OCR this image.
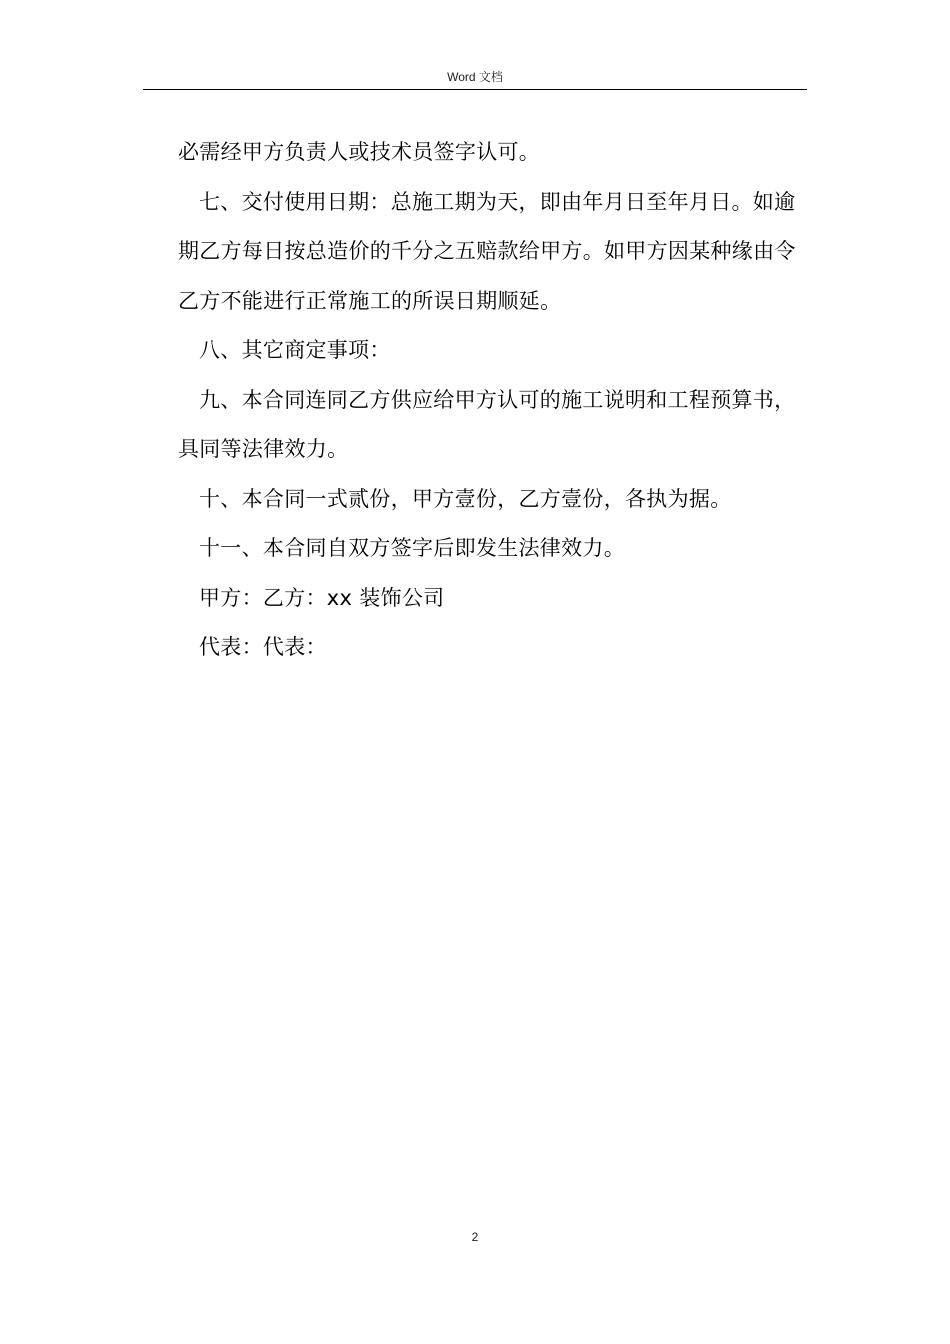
Word 文档

必需经甲方负责人或技术员签字认可。

七、交付使用日期：总施工期为天，即由年月日至年月日。如逾期乙方每日按总造价的千分之五赔款给甲方。如甲方因某种缘由令乙方不能进行正常施工的所误日期顺延。

八、其它商定事项：

九、本合同连同乙方供应给甲方认可的施工说明和工程预算书，具同等法律效力。

十、本合同一式贰份，甲方壹份，乙方壹份，各执为据。

十一、本合同自双方签字后即发生法律效力。

甲方：乙方：xx 装饰公司

代表：代表：

2
